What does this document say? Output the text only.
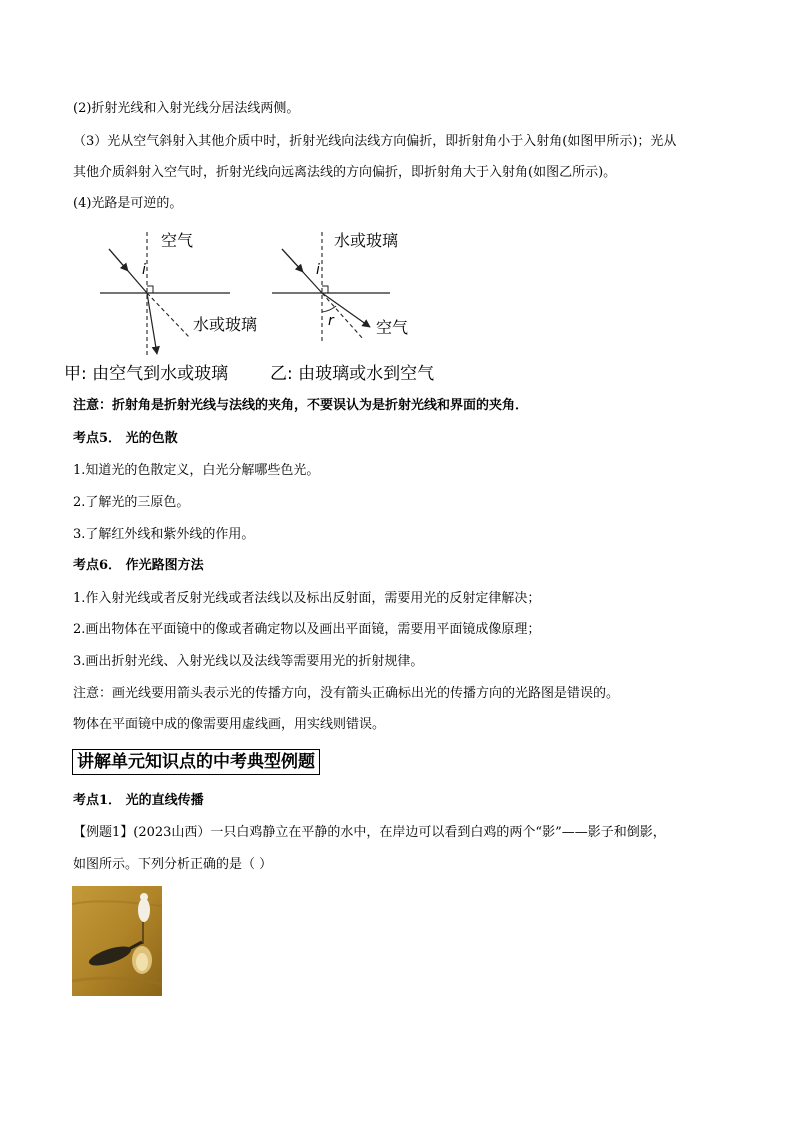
(2)折射光线和入射光线分居法线两侧。
（3）光从空气斜射入其他介质中时，折射光线向法线方向偏折，即折射角小于入射角(如图甲所示)；光从
其他介质斜射入空气时，折射光线向远离法线的方向偏折，即折射角大于入射角(如图乙所示)。
(4)光路是可逆的。
空气
i
水或玻璃
甲: 由空气到水或玻璃
水或玻璃
i
r	空气
乙: 由玻璃或水到空气
注意：折射角是折射光线与法线的夹角，不要误认为是折射光线和界面的夹角．
考点5． 光的色散
1.知道光的色散定义，白光分解哪些色光。
2.了解光的三原色。
3.了解红外线和紫外线的作用。
考点6． 作光路图方法
1.作入射光线或者反射光线或者法线以及标出反射面，需要用光的反射定律解决；
2.画出物体在平面镜中的像或者确定物以及画出平面镜，需要用平面镜成像原理；
3.画出折射光线、入射光线以及法线等需要用光的折射规律。
注意：画光线要用箭头表示光的传播方向，没有箭头正确标出光的传播方向的光路图是错误的。
物体在平面镜中成的像需要用虚线画，用实线则错误。
讲解单元知识点的中考典型例题
考点1． 光的直线传播
【例题1】(2023山西）一只白鸡静立在平静的水中，在岸边可以看到白鸡的两个“影”——影子和倒影，
如图所示。下列分析正确的是（ ）
